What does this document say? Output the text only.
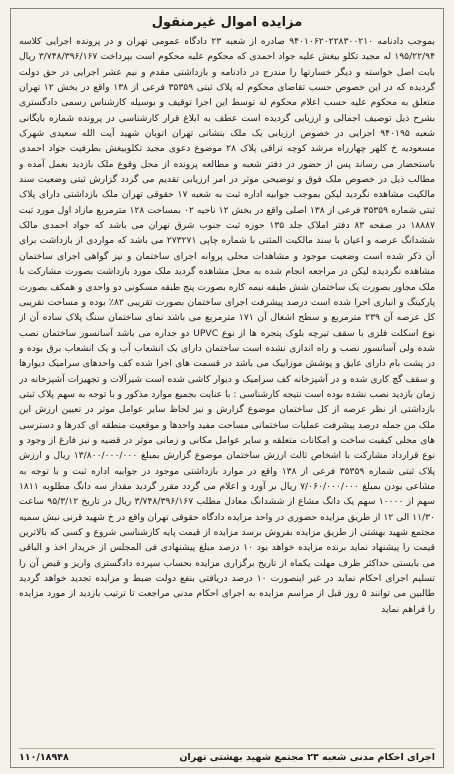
مزایده اموال غیرمنقول

بموجب دادنامه ۹۴۰۱۰۶۲۰۲۲۸۳۰۰۲۱۰ صادره از شعبه ۲۳ دادگاه عمومی تهران و در پرونده اجرایی کلاسه ۱۹۵/۲۲/۹۴ له مجید تکلو بیغش علیه جواد احمدی که محکوم علیه محکوم است بپرداخت ۳/۷۴۸/۳۹۶/۱۶۷ ریال بابت اصل خواسته و دیگر خسارتها را مندرج در دادنامه و بازداشتی مقدم و نیم عشر اجرایی در حق دولت گردیده که در این خصوص حسب تقاضای محکوم له پلاک ثبتی ۳۵۳۵۹ فرعی از ۱۳۸ واقع در بخش ۱۲ تهران متعلق به محکوم علیه حسب اعلام محکوم له توسط این اجرا توقیف و بوسیله کارشناس رسمی دادگستری بشرح ذیل توصیف اجمالی و ارزیابی گردیده است عطف به ابلاغ قرار کارشناسی در پرونده شماره بایگانی شعبه ۹۴۰۱۹۵ اجرایی در خصوص ارزیابی یک ملک بنشانی تهران اتوبان شهید آیت الله سعیدی شهرک مسعودیه خ کلهر چهارراه مرشد کوچه تراقی پلاک ۲۸ موضوع دعوی مجید تکلوبیغش بطرفیت جواد احمدی باستحضار می رساند پس از حضور در دفتر شعبه و مطالعه پرونده از محل وقوع ملک بازدید بعمل آمده و مطالب ذیل در خصوص ملک فوق و توضیحی موثر در امر ارزیابی تقدیم می گردد گزارش ثبتی وضعیت سند مالکیت مشاهده نگردید لیکن بموجب جوابیه اداره ثبت به شعبه ۱۷ حقوقی تهران ملک بازداشتی دارای پلاک ثبتی شماره ۳۵۳۵۹ فرعی از ۱۳۸ اصلی واقع در بخش ۱۲ ناحیه ۰۲ بمساحت ۱۲۸ مترمربع مازاد اول مورد ثبت ۱۸۸۸۷ در صفحه ۸۳ دفتر املاک جلد ۱۳۵ حوزه ثبت جنوب شرق تهران می باشد که جواد احمدی مالک ششدانگ عرصه و اعیان با سند مالکیت المثنی با شماره چاپی ۲۷۳۲۷۱ می باشد که مواردی از بازداشت برای آن ذکر شده است وضعیت موجود و مشاهدات محلی پروانه اجرای ساختمان و نیز گواهی اجرای ساختمان مشاهده نگردیده لیکن در مراجعه انجام شده به محل مشاهده گردید ملک مورد بازداشت بصورت مشارکت با ملک مجاور بصورت یک ساختمان شش طبقه نیمه کاره بصورت پنج طبقه مسکونی دو واحدی و همکف بصورت پارکینگ و انباری اجرا شده است درصد پیشرفت اجرای ساختمان بصورت تقریبی ۸۲٪ بوده و مساحت تقریبی کل عرصه آن ۲۳۹ مترمربع و سطح اشغال آن ۱۷۱ مترمربع می باشد نمای ساختمان سنگ پلاک ساده آن از نوع اسکلت فلزی با سقف تیرچه بلوک پنجره ها از نوع UPVC دو جداره می باشد آسانسور ساختمان نصب شده ولی آسانسور نصب و راه اندازی نشده است ساختمان دارای یک انشعاب آب و یک انشعاب برق بوده و در پشت بام دارای عایق و پوشش موزاییک می باشد در قسمت های اجرا شده کف واحدهای سرامیک دیوارها و سقف گچ کاری شده و در آشپزخانه کف سرامیک و دیوار کاشی شده است شیرآلات و تجهیزات آشپزخانه در زمان بازدید نصب نشده بوده است نتیجه کارشناسی : با عنایت بجمیع موارد مذکور و با توجه به سهم پلاک ثبتی بازداشتی از نظر عرصه از کل ساختمان موضوع گزارش و نیز لحاظ سایر عوامل موثر در تعیین ارزش این ملک من جمله درصد پیشرفت عملیات ساختمانی مساحت مفید واحدها و موقعیت منطقه ای کدرها و دسترسی های محلی کیفیت ساخت و امکانات متعلقه و سایر عوامل مکانی و زمانی موثر در قضیه و نیز فارغ از وجود و نوع قرارداد مشارکت با اشخاص ثالث ارزش ساختمان موضوع گزارش بمبلغ ۱۳/۸۰۰/۰۰۰/۰۰۰ ریال و ارزش پلاک ثبتی شماره ۳۵۳۵۹ فرعی از ۱۳۸ واقع در موارد بازداشتی موجود در جوابیه اداره ثبت و با توجه به مشاعی بودن بمبلغ ۷/۰۶۰/۰۰۰/۰۰۰ ریال بر آورد و اعلام می گردد مقرر گردید مقدار سه دانگ مطلوبه ۱۸۱۱ سهم از ۱۰۰۰۰ سهم یک دانگ مشاع از ششدانگ معادل مطلب ۳/۷۴۸/۳۹۶/۱۶۷ ریال در تاریخ ۹۵/۳/۱۲ ساعت ۱۱/۳۰ الی ۱۲ از طریق مزایده حضوری در واحد مزایده دادگاه حقوقی تهران واقع در خ شهید قرنی نبش سمیه مجتمع شهید بهشتی از طریق مزایده بفروش برسد مزایده از قیمت پایه کارشناسی شروع و کسی که بالاترین قیمت را پیشنهاد نماید برنده مزایده خواهد بود ۱۰ درصد مبلغ پیشنهادی فی المجلس از خریدار اخذ و الباقی می بایستی حداکثر ظرف مهلت یکماه از تاریخ برگزاری مزایده بحساب سپرده دادگستری واریز و قبض آن را تسلیم اجرای احکام نماید در غیر اینصورت ۱۰ درصد دریافتی بنفع دولت ضبط و مزایده تجدید خواهد گردید طالبین می توانند ۵ روز قبل از مراسم مزایده به اجرای احکام مدنی مراجعت تا ترتیب بازدید از مورد مزایده را فراهم نماید

اجرای احکام مدنی شعبه ۲۳ مجتمع شهید بهشتی تهران
۱۱۰/۱۸۹۴۸
